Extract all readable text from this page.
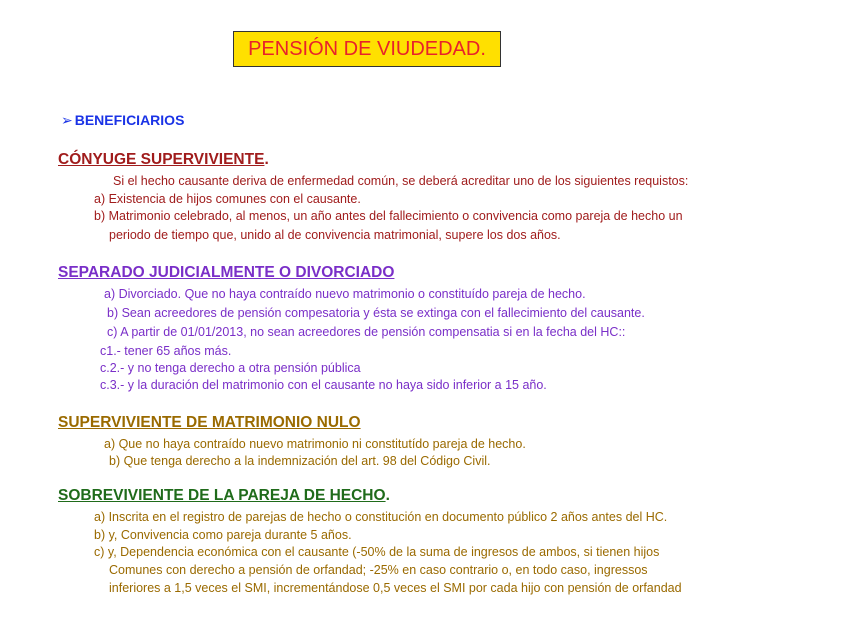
PENSIÓN DE VIUDEDAD.
➢ BENEFICIARIOS
CÓNYUGE SUPERVIVIENTE.
Si el hecho causante deriva de enfermedad común, se deberá acreditar uno de los siguientes requistos:
a) Existencia de hijos comunes con el causante.
b) Matrimonio celebrado, al menos, un año antes del fallecimiento o convivencia como pareja de hecho un
periodo de tiempo que, unido al de convivencia matrimonial, supere los dos años.
SEPARADO JUDICIALMENTE O DIVORCIADO
a) Divorciado. Que no haya contraído nuevo matrimonio o constituído pareja de hecho.
b) Sean acreedores de pensión compesatoria y ésta se extinga con el fallecimiento del causante.
c) A partir de 01/01/2013, no sean acreedores de pensión compensatia si en la fecha del HC::
c1.- tener 65 años más.
c.2.- y no tenga derecho a otra pensión pública
c.3.- y la duración del matrimonio con el causante no haya sido inferior a 15 año.
SUPERVIVIENTE DE MATRIMONIO NULO
a) Que no haya contraído nuevo matrimonio ni constitutído pareja de hecho.
b) Que tenga derecho a la indemnización del art. 98 del Código Civil.
SOBREVIVIENTE DE LA PAREJA DE HECHO.
a) Inscrita en el registro de parejas de hecho o constitución en documento público 2 años antes del HC.
b) y, Convivencia como pareja durante 5 años.
c) y, Dependencia económica con el causante (-50% de la suma de ingresos de ambos, si tienen hijos
Comunes con derecho a pensión de orfandad; -25% en caso contrario o, en todo caso, ingressos
inferiores a 1,5 veces el SMI, incrementándose 0,5 veces el SMI por cada hijo con pensión de orfandad
